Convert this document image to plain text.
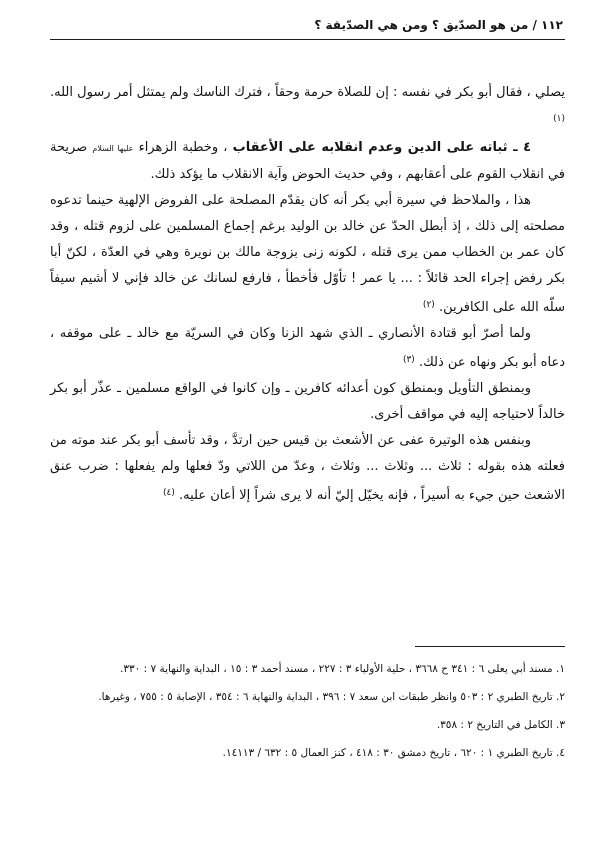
١١٢ / من هو الصدّيق ؟ ومن هي الصدّيقة ؟

يصلي ، فقال أبو بكر في نفسه : إن للصلاة حرمة وحقاً ، فترك الناسك ولم يمتثل أمر رسول الله. $^{(١)}$

٤ ـ ثباته على الدين وعدم انقلابه على الأعقاب ، وخطبة الزهراء عليها السلام صريحة في انقلاب القوم على أعقابهم ، وفي حديث الحوض وآية الانقلاب ما يؤكد ذلك.

هذا ، والملاحظ في سيرة أبي بكر أنه كان يقدّم المصلحة على الفروض الإلهية حينما تدعوه مصلحته إلى ذلك ، إذ أبطل الحدّ عن خالد بن الوليد برغم إجماع المسلمين على لزوم قتله ، وقد كان عمر بن الخطاب ممن يرى قتله ، لكونه زنى بزوجة مالك بن نويرة وهي في العدّة ، لكنّ أبا بكر رفض إجراء الحد قائلاً : ... يا عمر ! تأوّل فأخطأ ، فارفع لسانك عن خالد فإني لا أشيم سيفاً سلّه الله على الكافرين. $^{(٢)}$

ولما أصرّ أبو قتادة الأنصاري ـ الذي شهد الزنا وكان في السريّة مع خالد ـ على موقفه ، دعاه أبو بكر ونهاه عن ذلك. $^{(٣)}$

وبمنطق التأويل وبمنطق كون أعدائه كافرين ـ وإن كانوا في الواقع مسلمين ـ عذّر أبو بكر خالداً لاحتياجه إليه في مواقف أخرى.

وبنفس هذه الوتيرة عفى عن الأشعث بن قيس حين ارتدَّ ، وقد تأسف أبو بكر عند موته من فعلته هذه بقوله : ثلاث ... وثلاث ... وثلاث ، وعدّ من اللاتي ودّ فعلها ولم يفعلها : ضرب عنق الاشعث حين جيء به أسيراً ، فإنه يخيّل إليّ أنه لا يرى شراً إلا أعان عليه. $^{(٤)}$

١. مسند أبي يعلى ٦ : ٣٤١ ح ٣٦٦٨ ، حلية الأولياء ٣ : ٢٢٧ ، مسند أحمد ٣ : ١٥ ، البداية والنهاية ٧ : ٣٣٠.
٢. تاريخ الطبري ٢ : ٥٠٣ وانظر طبقات ابن سعد ٧ : ٣٩٦ ، البداية والنهاية ٦ : ٣٥٤ ، الإصابة ٥ : ٧٥٥ ، وغيرها.
٣. الكامل في التاريخ ٢ : ٣٥٨.
٤. تاريخ الطبري ١ : ٦٢٠ ، تاريخ دمشق ٣٠ : ٤١٨ ، كنز العمال ٥ : ٦٣٢ / ١٤١١٣.
